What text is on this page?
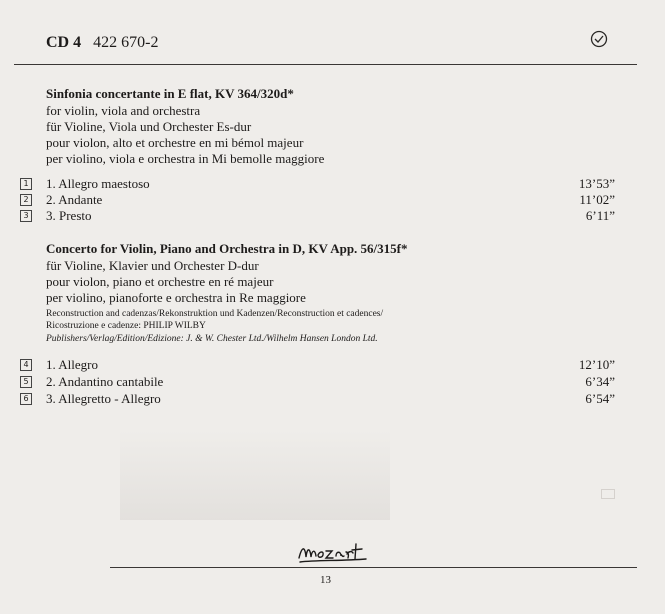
CD 4 422 670-2
Sinfonia concertante in E flat, KV 364/320d*
for violin, viola and orchestra
für Violine, Viola und Orchester Es-dur
pour violon, alto et orchestre en mi bémol majeur
per violino, viola e orchestra in Mi bemolle maggiore
1 1. Allegro maestoso	13’53”
2 2. Andante	11’02”
3 3. Presto	6’11”
Concerto for Violin, Piano and Orchestra in D, KV App. 56/315f*
für Violine, Klavier und Orchester D-dur
pour violon, piano et orchestre en ré majeur
per violino, pianoforte e orchestra in Re maggiore
Reconstruction and cadenzas/Rekonstruktion und Kadenzen/Reconstruction et cadences/
Ricostruzione e cadenze: PHILIP WILBY
Publishers/Verlag/Edition/Edizione: J. & W. Chester Ltd./Wilhelm Hansen London Ltd.
4 1. Allegro	12’10”
5 2. Andantino cantabile	6’34”
6 3. Allegretto - Allegro	6’54”
13
